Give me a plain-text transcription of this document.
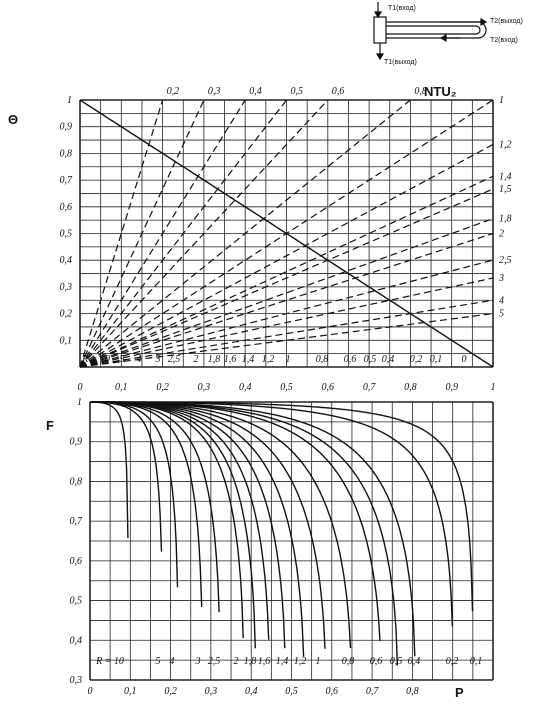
T1(вход)
T2(выход)
T2(вход)
T1(выход)
0	0,1	0,2	0,3	0,4	0,5	0,6	0,7	0,8	0,9	1
0,1
0,2
0,3
0,4
0,5
0,6
0,7
0,8
0,9
1
0,2	0,3	0,4	0,5	0,6	0,8
1
1,2
1,4
1,5
1,8
2
2,5
3
4
5
R = 10 5 4 3 2,5 2 1,8 1,6 1,4 1,2 1	0,8 0,6 0,5 0,4 0,2 0,1 0
Θ
NTU₂
0	0,1	0,2	0,3	0,4	0,5	0,6	0,7	0,8
0,3
0,4
0,5
0,6
0,7
0,8
0,9
1
R = 10	5 4 3 2,5 2 1,8 1,6 1,4 1,2 1 0,8 0,6 0,5 0,4	0,2 0,1
F
P
